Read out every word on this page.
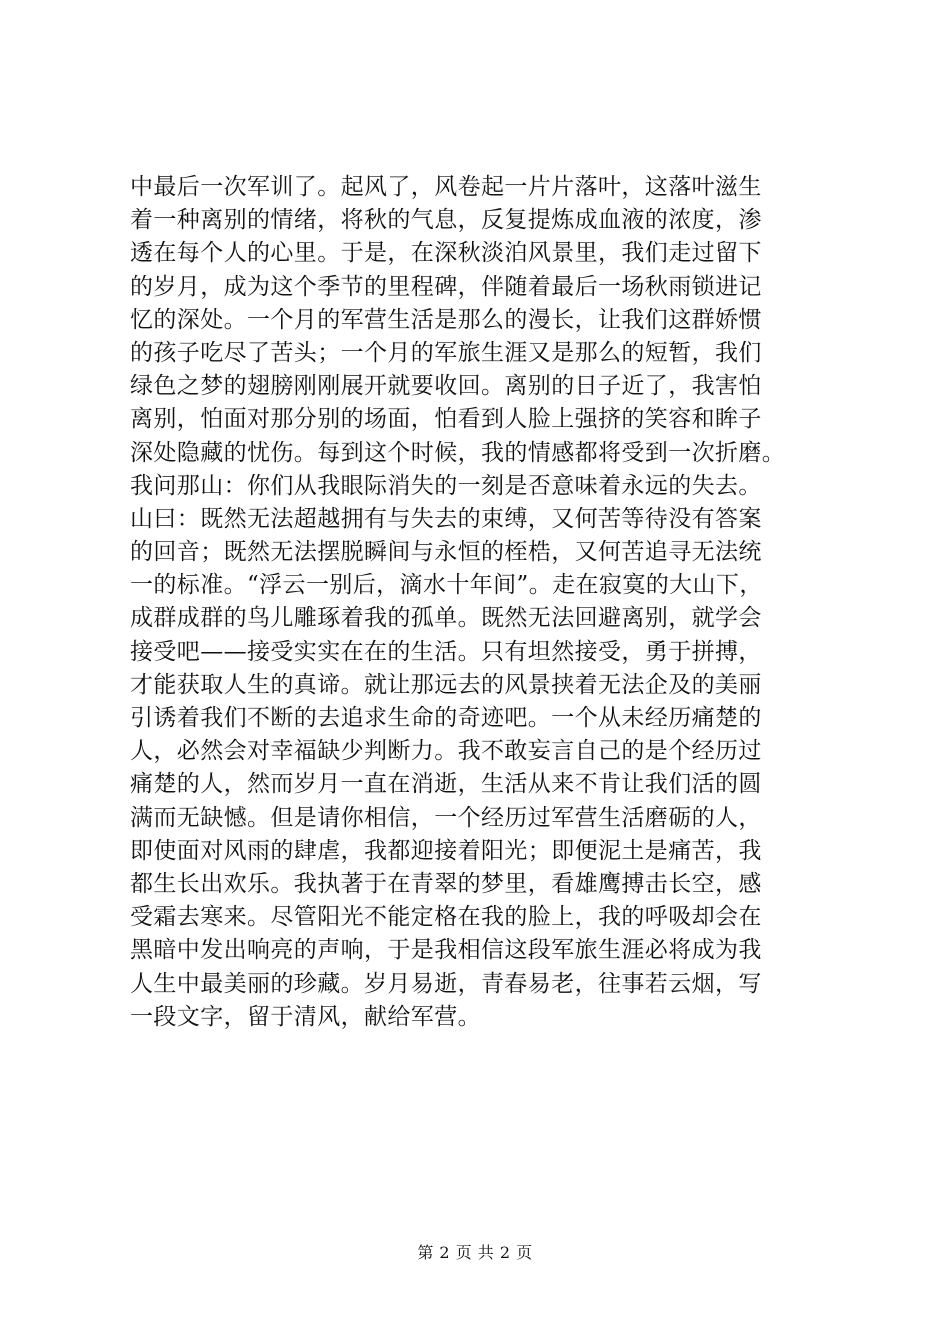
中最后一次军训了。起风了，风卷起一片片落叶，这落叶滋生
着一种离别的情绪，将秋的气息，反复提炼成血液的浓度，渗
透在每个人的心里。于是，在深秋淡泊风景里，我们走过留下
的岁月，成为这个季节的里程碑，伴随着最后一场秋雨锁进记
忆的深处。一个月的军营生活是那么的漫长，让我们这群娇惯
的孩子吃尽了苦头；一个月的军旅生涯又是那么的短暂，我们
绿色之梦的翅膀刚刚展开就要收回。离别的日子近了，我害怕
离别，怕面对那分别的场面，怕看到人脸上强挤的笑容和眸子
深处隐藏的忧伤。每到这个时候，我的情感都将受到一次折磨。
我问那山：你们从我眼际消失的一刻是否意味着永远的失去。
山曰：既然无法超越拥有与失去的束缚，又何苦等待没有答案
的回音；既然无法摆脱瞬间与永恒的桎梏，又何苦追寻无法统
一的标准。“浮云一别后，滴水十年间”。走在寂寞的大山下，
成群成群的鸟儿雕琢着我的孤单。既然无法回避离别，就学会
接受吧——接受实实在在的生活。只有坦然接受，勇于拼搏，
才能获取人生的真谛。就让那远去的风景挟着无法企及的美丽
引诱着我们不断的去追求生命的奇迹吧。一个从未经历痛楚的
人，必然会对幸福缺少判断力。我不敢妄言自己的是个经历过
痛楚的人，然而岁月一直在消逝，生活从来不肯让我们活的圆
满而无缺憾。但是请你相信，一个经历过军营生活磨砺的人，
即使面对风雨的肆虐，我都迎接着阳光；即便泥土是痛苦，我
都生长出欢乐。我执著于在青翠的梦里，看雄鹰搏击长空，感
受霜去寒来。尽管阳光不能定格在我的脸上，我的呼吸却会在
黑暗中发出响亮的声响，于是我相信这段军旅生涯必将成为我
人生中最美丽的珍藏。岁月易逝，青春易老，往事若云烟，写
一段文字，留于清风，献给军营。
第 2 页 共 2 页
